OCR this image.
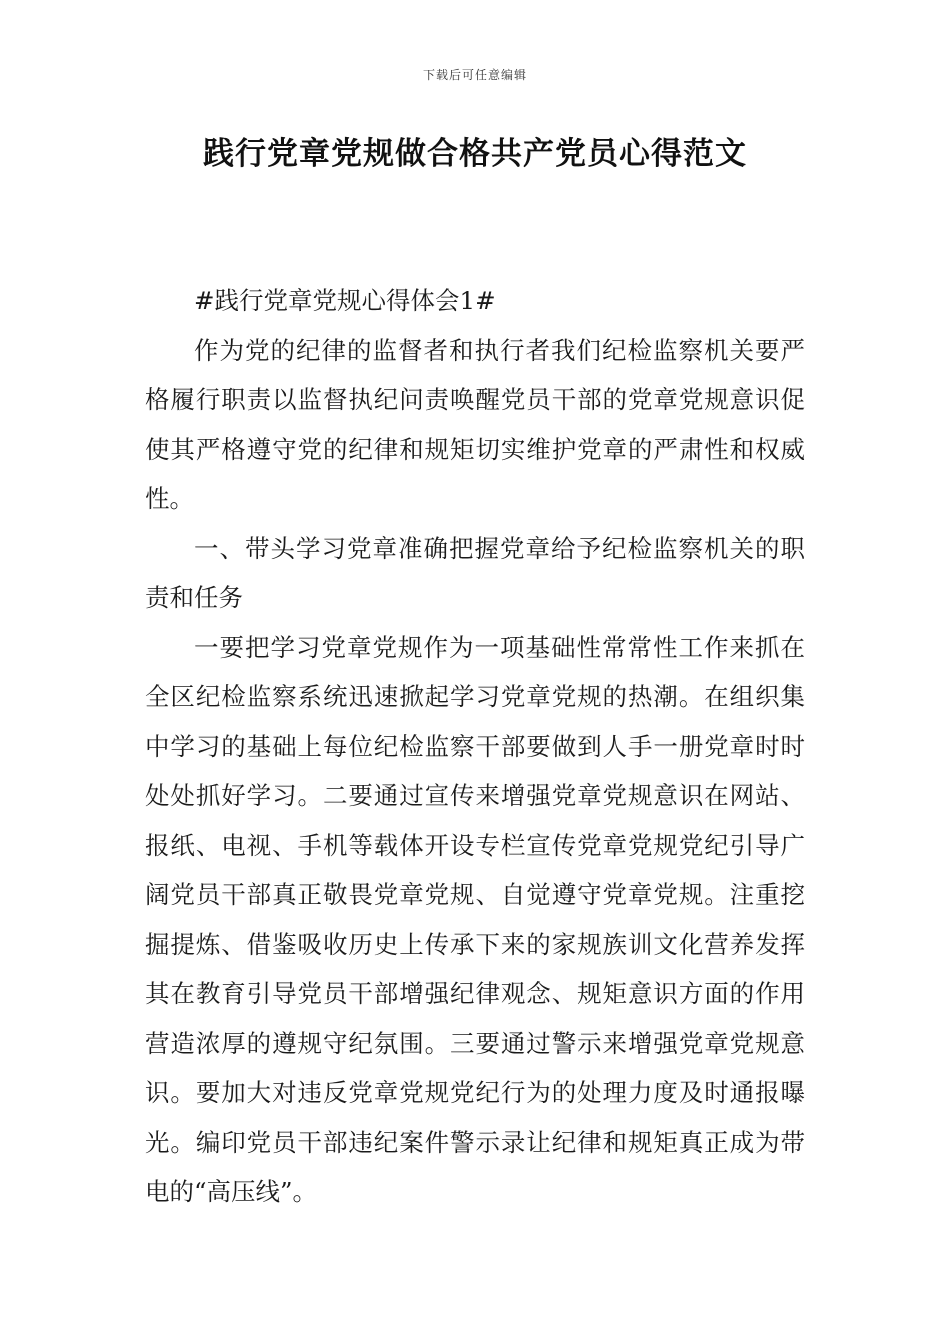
下载后可任意编辑
践行党章党规做合格共产党员心得范文

#践行党章党规心得体会1#

作为党的纪律的监督者和执行者我们纪检监察机关要严格履行职责以监督执纪问责唤醒党员干部的党章党规意识促使其严格遵守党的纪律和规矩切实维护党章的严肃性和权威性。

一、带头学习党章准确把握党章给予纪检监察机关的职责和任务

一要把学习党章党规作为一项基础性常常性工作来抓在全区纪检监察系统迅速掀起学习党章党规的热潮。在组织集中学习的基础上每位纪检监察干部要做到人手一册党章时时处处抓好学习。二要通过宣传来增强党章党规意识在网站、报纸、电视、手机等载体开设专栏宣传党章党规党纪引导广阔党员干部真正敬畏党章党规、自觉遵守党章党规。注重挖掘提炼、借鉴吸收历史上传承下来的家规族训文化营养发挥其在教育引导党员干部增强纪律观念、规矩意识方面的作用营造浓厚的遵规守纪氛围。三要通过警示来增强党章党规意识。要加大对违反党章党规党纪行为的处理力度及时通报曝光。编印党员干部违纪案件警示录让纪律和规矩真正成为带电的“高压线”。
